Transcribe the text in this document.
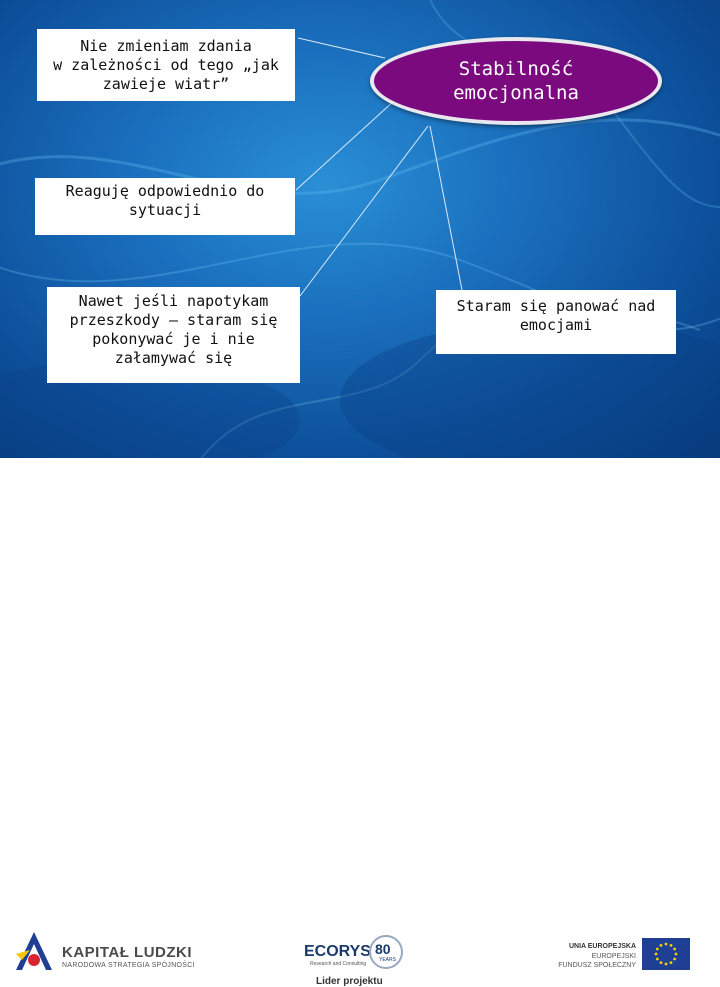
Stabilność
emocjonalna
Nie zmieniam zdania
w zależności od tego „jak
zawieje wiatr”
Reaguję odpowiednio do
sytuacji
Nawet jeśli napotykam
przeszkody – staram się
pokonywać je i nie
załamywać się
Staram się panować nad
emocjami
KAPITAŁ LUDZKI
NARODOWA STRATEGIA SPÓJNOŚCI
ECORYS
Research and Consulting
80
YEARS
Lider projektu
UNIA EUROPEJSKA
EUROPEJSKI
FUNDUSZ SPOŁECZNY
